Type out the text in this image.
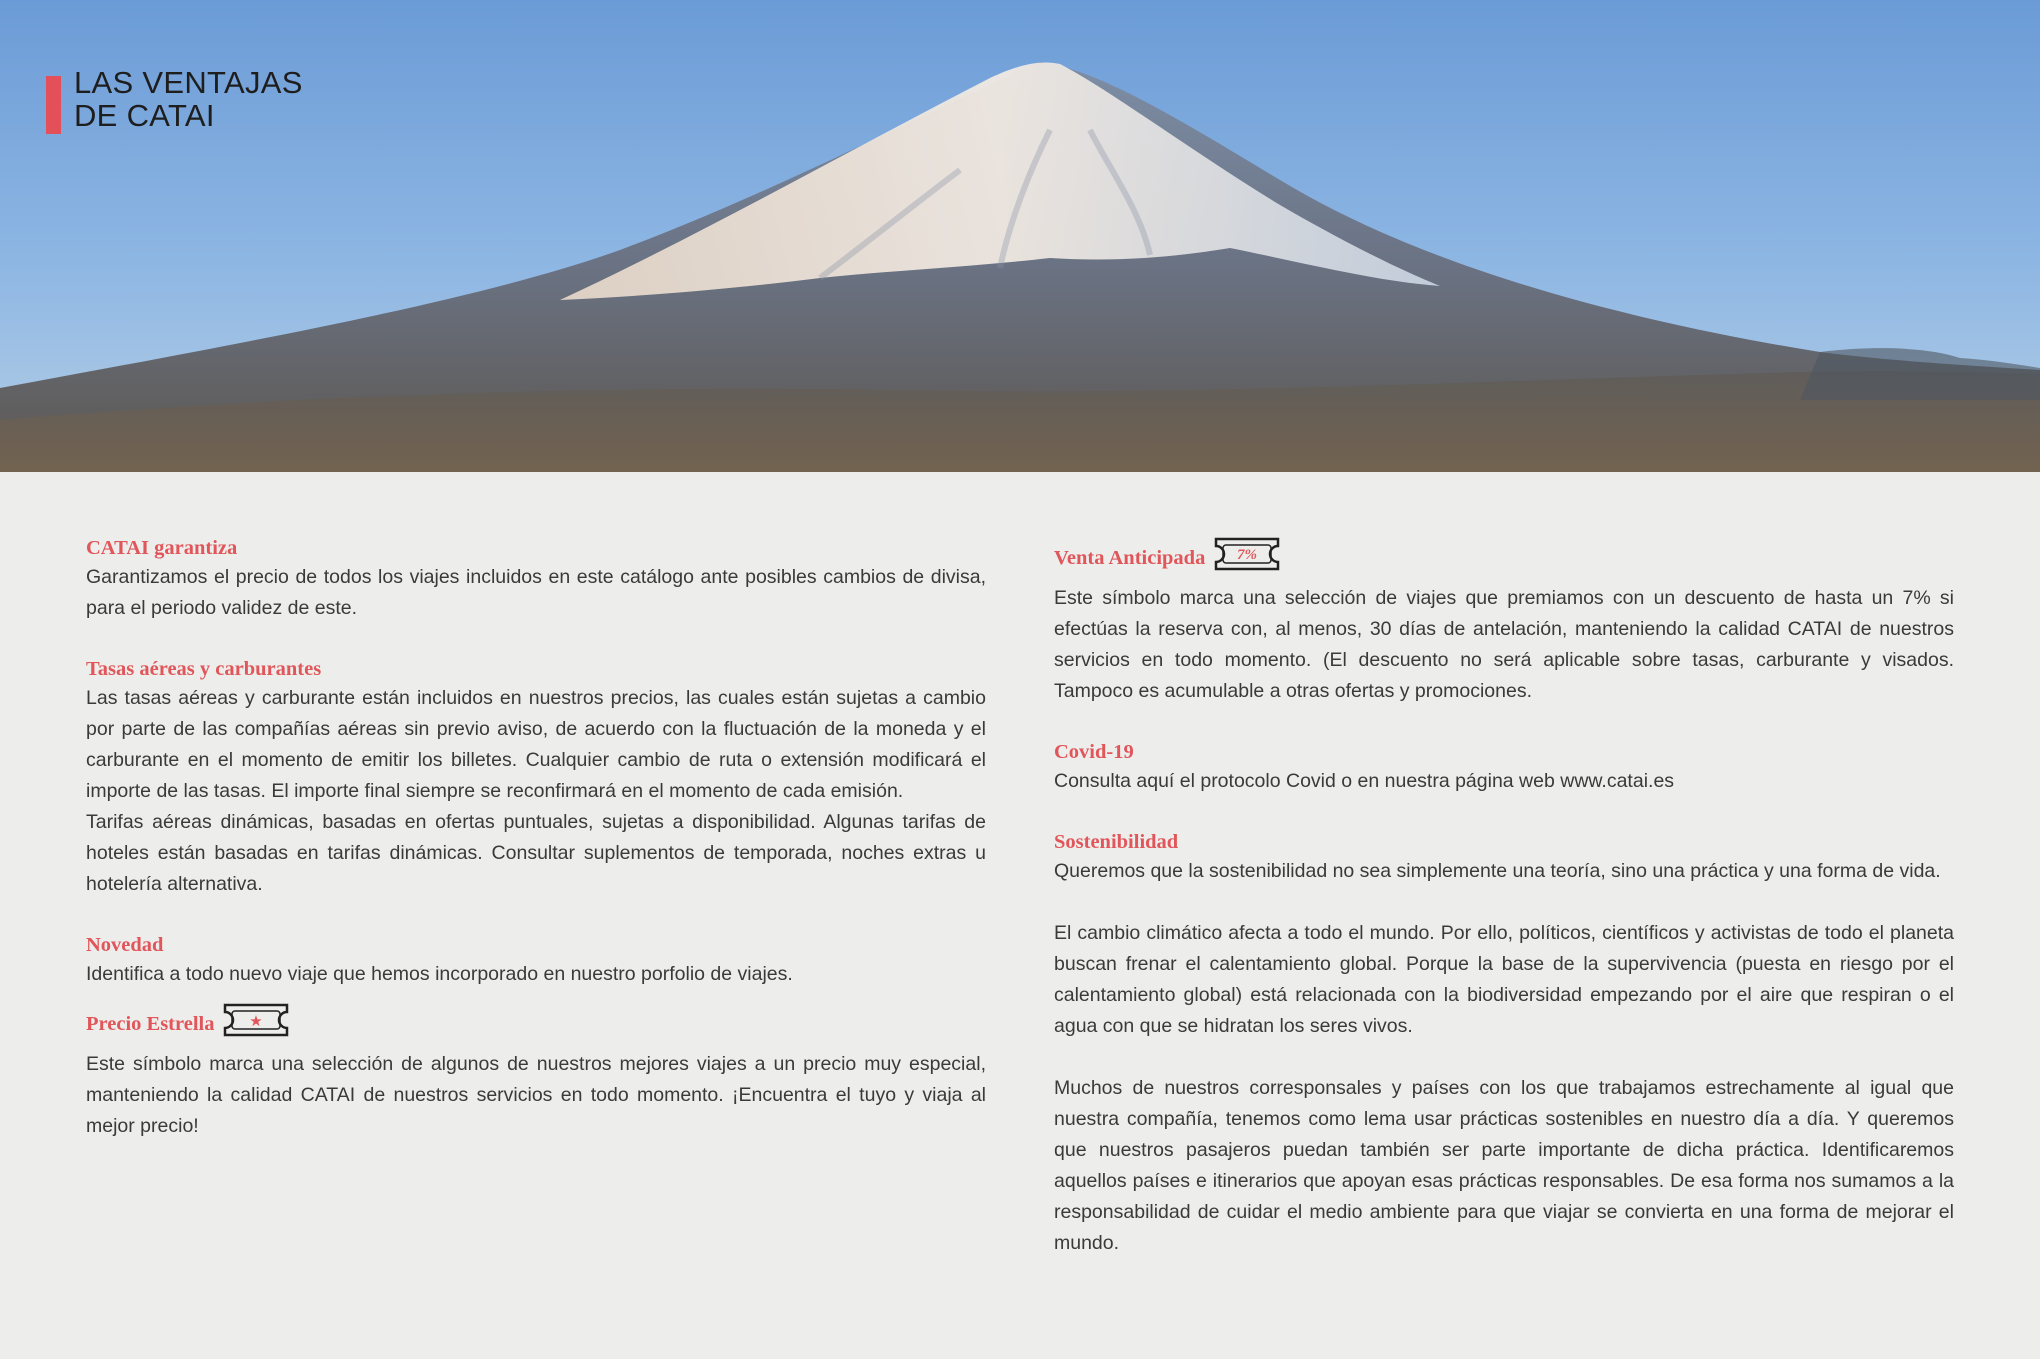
LAS VENTAJAS
DE CATAI
CATAI garantiza

Garantizamos el precio de todos los viajes incluidos en este catálogo ante posibles cambios de divisa, para el periodo validez de este.

Tasas aéreas y carburantes

Las tasas aéreas y carburante están incluidos en nuestros precios, las cuales están sujetas a cambio por parte de las compañías aéreas sin previo aviso, de acuerdo con la fluctuación de la moneda y el carburante en el momento de emitir los billetes. Cualquier cambio de ruta o extensión modificará el importe de las tasas. El importe final siempre se reconfirmará en el momento de cada emisión.

Tarifas aéreas dinámicas, basadas en ofertas puntuales, sujetas a disponibilidad. Algunas tarifas de hoteles están basadas en tarifas dinámicas. Consultar suplementos de temporada, noches extras u hotelería alternativa.

Novedad

Identifica a todo nuevo viaje que hemos incorporado en nuestro porfolio de viajes.

Precio Estrella ★

Este símbolo marca una selección de algunos de nuestros mejores viajes a un precio muy especial, manteniendo la calidad CATAI de nuestros servicios en todo momento. ¡Encuentra el tuyo y viaja al mejor precio!

Venta Anticipada 7%

Este símbolo marca una selección de viajes que premiamos con un descuento de hasta un 7% si efectúas la reserva con, al menos, 30 días de antelación, manteniendo la calidad CATAI de nuestros servicios en todo momento. (El descuento no será aplicable sobre tasas, carburante y visados. Tampoco es acumulable a otras ofertas y promociones.

Covid-19

Consulta aquí el protocolo Covid o en nuestra página web www.catai.es

Sostenibilidad

Queremos que la sostenibilidad no sea simplemente una teoría, sino una práctica y una forma de vida.

El cambio climático afecta a todo el mundo. Por ello, políticos, científicos y activistas de todo el planeta buscan frenar el calentamiento global. Porque la base de la supervivencia (puesta en riesgo por el calentamiento global) está relacionada con la biodiversidad empezando por el aire que respiran o el agua con que se hidratan los seres vivos.

Muchos de nuestros corresponsales y países con los que trabajamos estrechamente al igual que nuestra compañía, tenemos como lema usar prácticas sostenibles en nuestro día a día. Y queremos que nuestros pasajeros puedan también ser parte importante de dicha práctica. Identificaremos aquellos países e itinerarios que apoyan esas prácticas responsables. De esa forma nos sumamos a la responsabilidad de cuidar el medio ambiente para que viajar se convierta en una forma de mejorar el mundo.
